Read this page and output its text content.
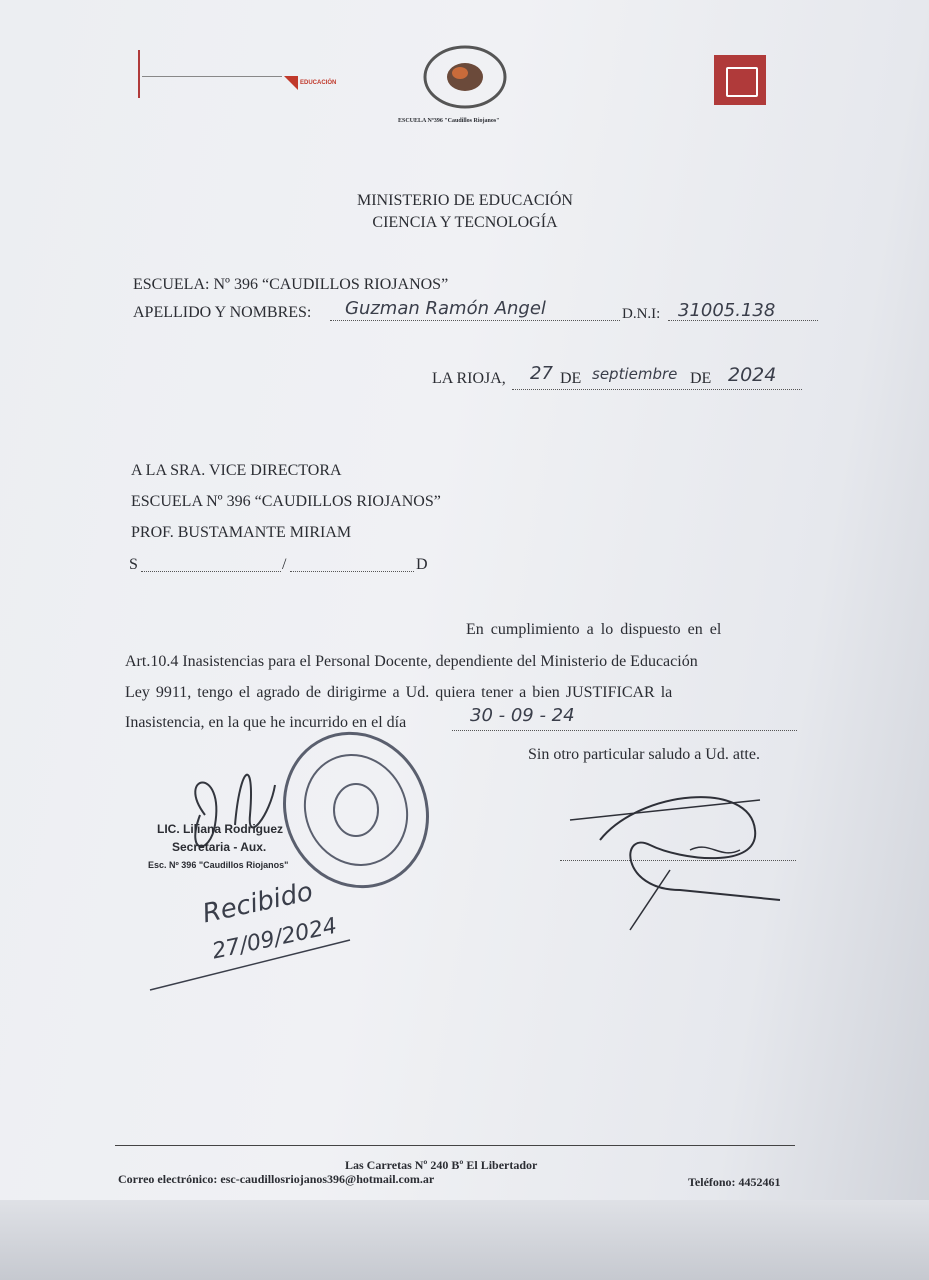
EDUCACIÓN
ESCUELA Nº396 "Caudillos Riojanos"
MINISTERIO DE EDUCACIÓN
CIENCIA Y TECNOLOGÍA
ESCUELA: Nº 396 “CAUDILLOS RIOJANOS”
APELLIDO Y NOMBRES: Guzman Ramón Angel	D.N.I: 31005.138
LA RIOJA, 27 DE septiembre DE 2024
A LA SRA. VICE DIRECTORA
ESCUELA Nº 396 “CAUDILLOS RIOJANOS”
PROF. BUSTAMANTE MIRIAM
S	/	D
En cumplimiento a lo dispuesto en el
Art.10.4 Inasistencias para el Personal Docente, dependiente del Ministerio de Educación
Ley 9911, tengo el agrado de dirigirme a Ud. quiera tener a bien JUSTIFICAR la
Inasistencia, en la que he incurrido en el día	30 - 09 - 24
Sin otro particular saludo a Ud. atte.
LIC. Liliana Rodriguez
Secretaria - Aux.
Esc. Nº 396 "Caudillos Riojanos"
Recibido
27/09/2024
Las Carretas Nº 240 Bº El Libertador
Correo electrónico: esc-caudillosriojanos396@hotmail.com.ar	Teléfono: 4452461
